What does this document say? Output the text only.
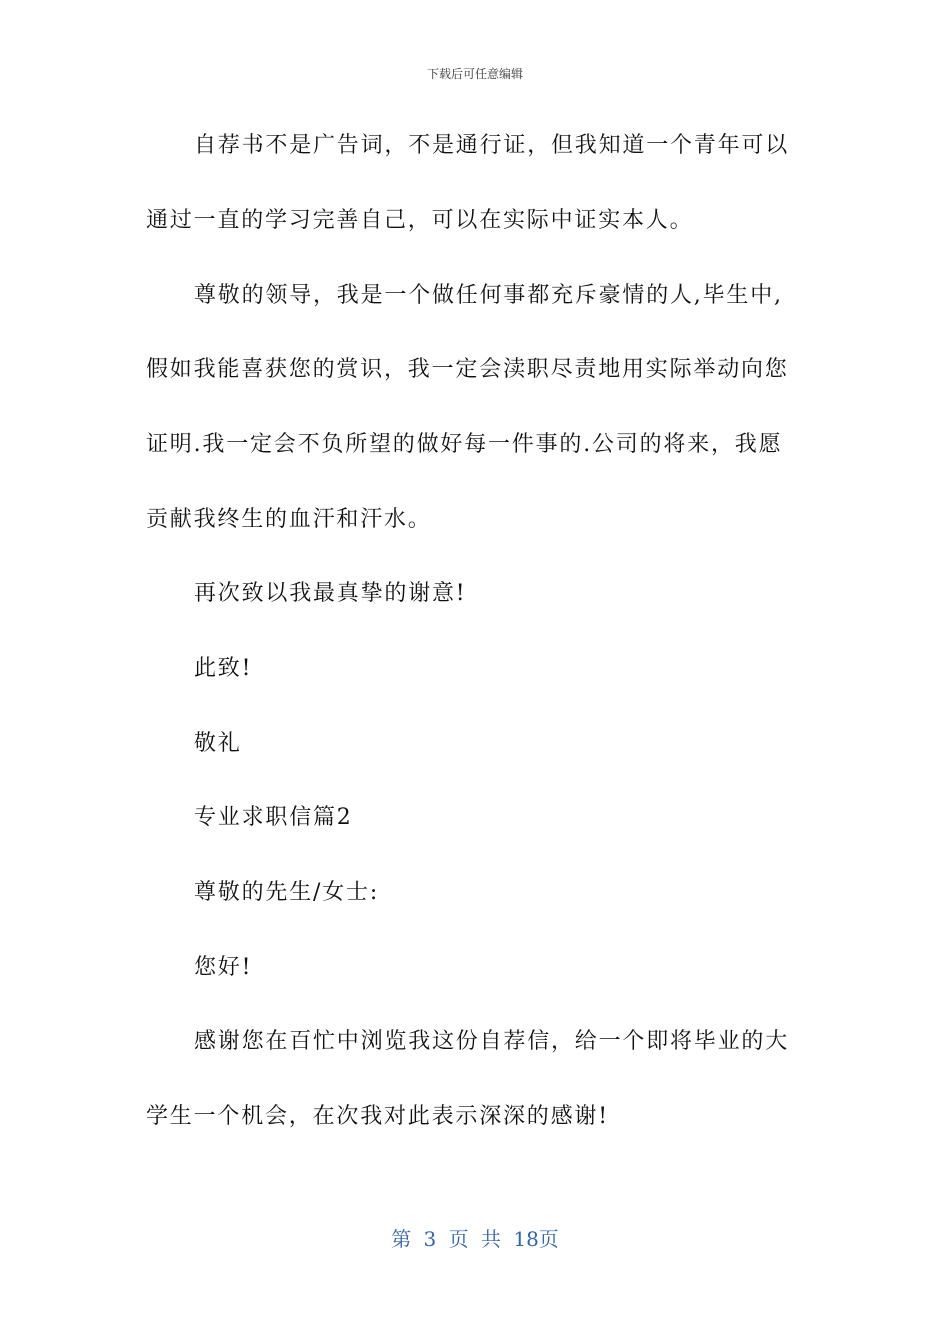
下载后可任意编辑
自荐书不是广告词，不是通行证，但我知道一个青年可以
通过一直的学习完善自己，可以在实际中证实本人。
尊敬的领导，我是一个做任何事都充斥豪情的人,毕生中,
假如我能喜获您的赏识，我一定会渎职尽责地用实际举动向您
证明.我一定会不负所望的做好每一件事的.公司的将来，我愿
贡献我终生的血汗和汗水。
再次致以我最真挚的谢意!
此致!
敬礼
专业求职信篇2
尊敬的先生/女士:
您好!
感谢您在百忙中浏览我这份自荐信，给一个即将毕业的大
学生一个机会，在次我对此表示深深的感谢!
第 3 页 共 18页
